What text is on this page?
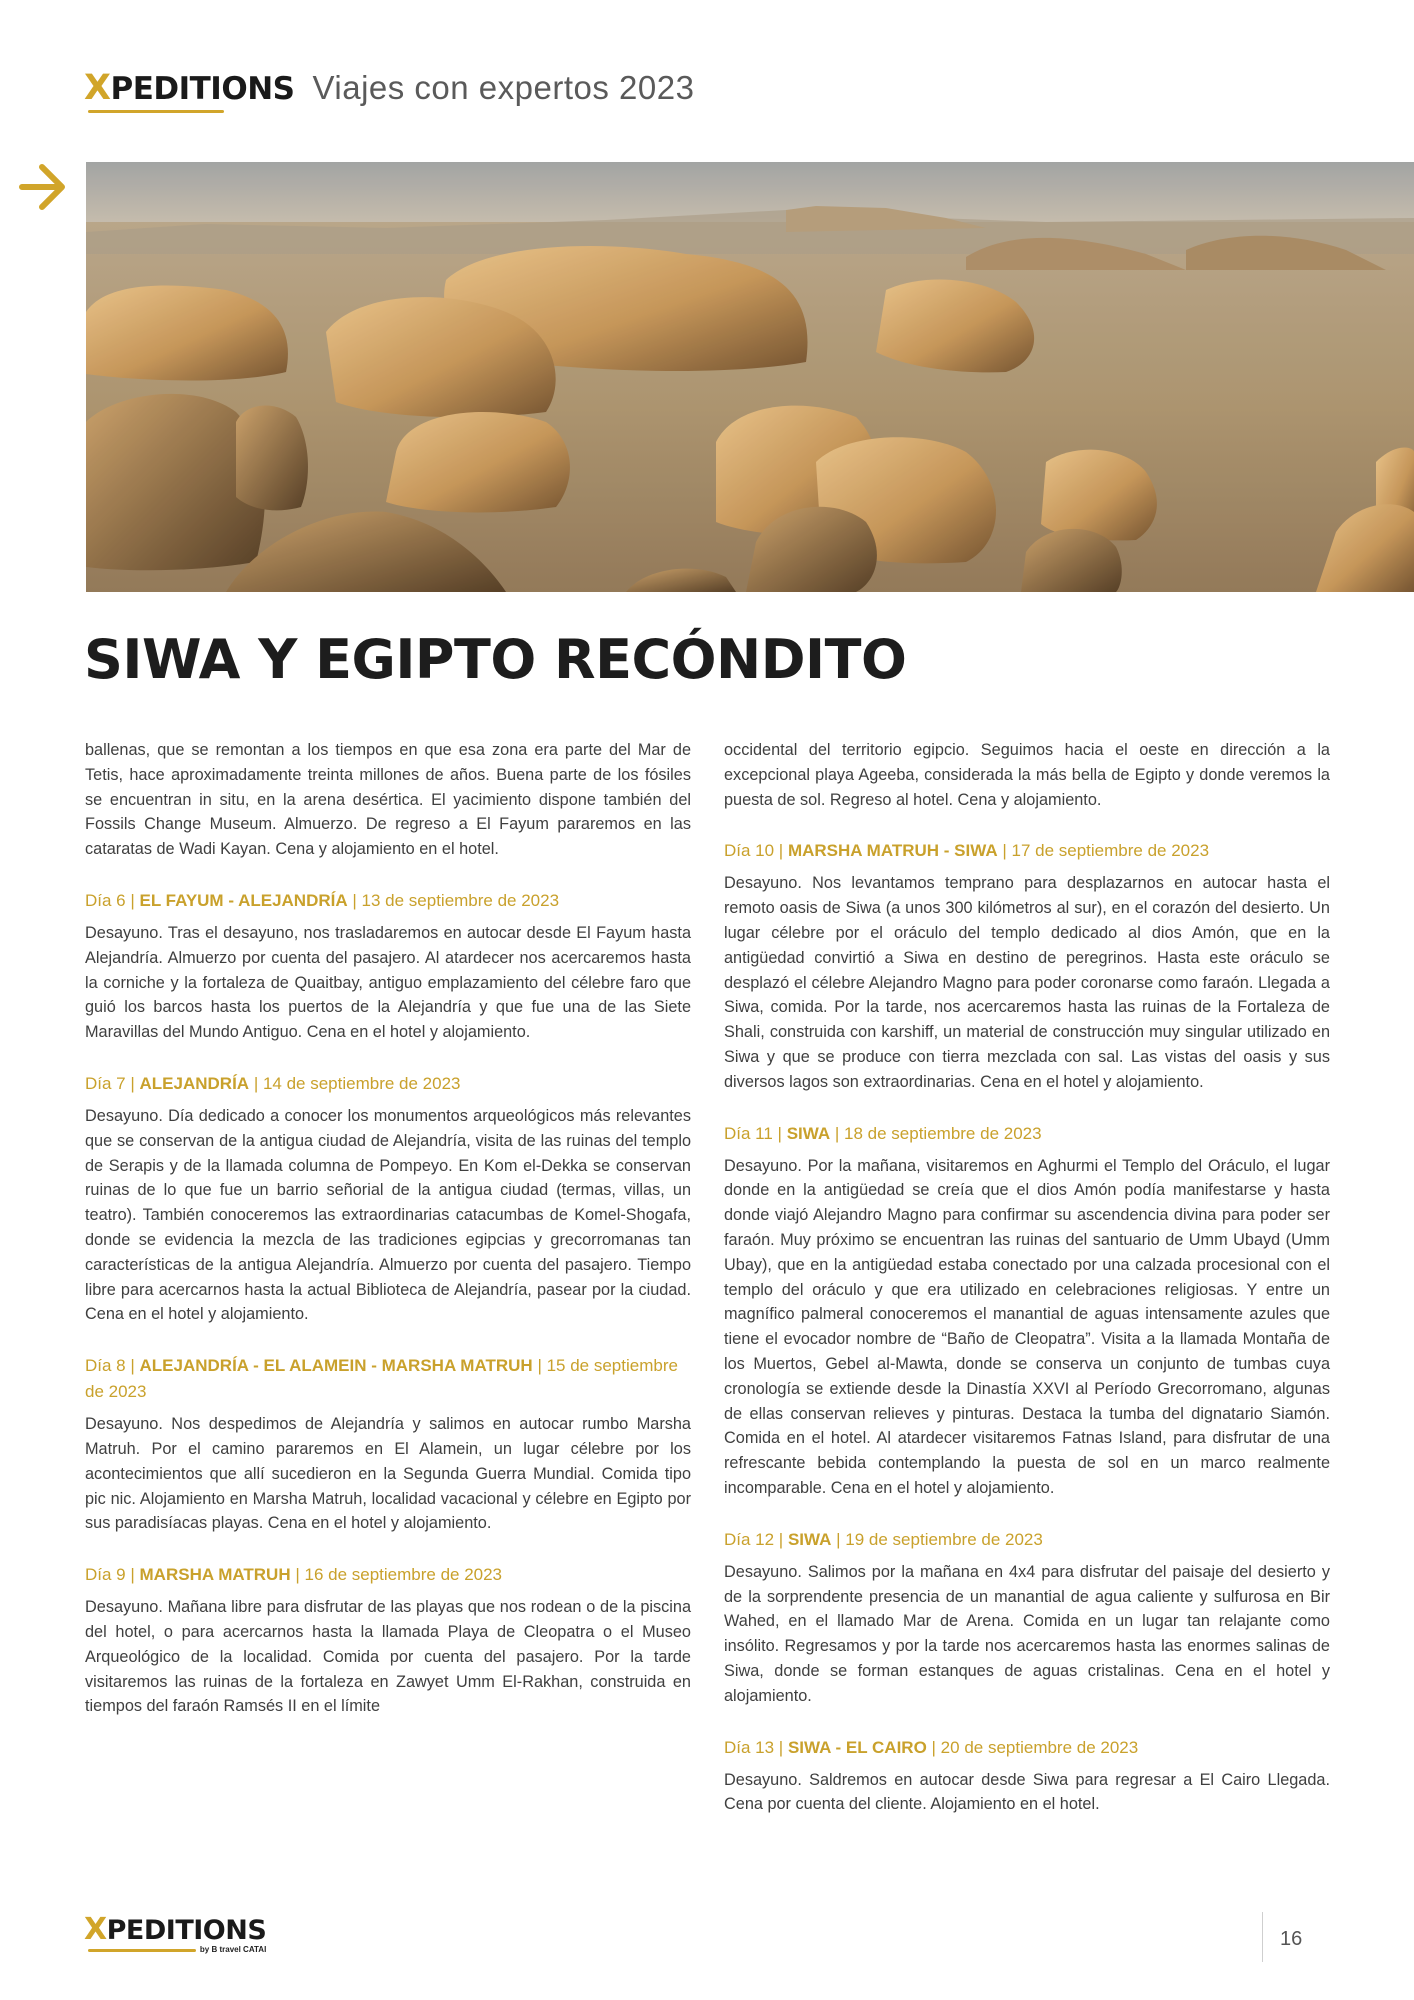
XPEDITIONS Viajes con expertos 2023
SIWA Y EGIPTO RECÓNDITO

ballenas, que se remontan a los tiempos en que esa zona era parte del Mar de Tetis, hace aproximadamente treinta millones de años. Buena parte de los fósiles se encuentran in situ, en la arena desértica. El yacimiento dispone también del Fossils Change Museum. Almuerzo. De regreso a El Fayum pararemos en las cataratas de Wadi Kayan. Cena y alojamiento en el hotel.

Día 6 | EL FAYUM - ALEJANDRÍA | 13 de septiembre de 2023

Desayuno. Tras el desayuno, nos trasladaremos en autocar desde El Fayum hasta Alejandría. Almuerzo por cuenta del pasajero. Al atardecer nos acercaremos hasta la corniche y la fortaleza de Quaitbay, antiguo emplazamiento del célebre faro que guió los barcos hasta los puertos de la Alejandría y que fue una de las Siete Maravillas del Mundo Antiguo. Cena en el hotel y alojamiento.

Día 7 | ALEJANDRÍA | 14 de septiembre de 2023

Desayuno. Día dedicado a conocer los monumentos arqueológicos más relevantes que se conservan de la antigua ciudad de Alejandría, visita de las ruinas del templo de Serapis y de la llamada columna de Pompeyo. En Kom el-Dekka se conservan ruinas de lo que fue un barrio señorial de la antigua ciudad (termas, villas, un teatro). También conoceremos las extraordinarias catacumbas de Komel-Shogafa, donde se evidencia la mezcla de las tradiciones egipcias y grecorromanas tan características de la antigua Alejandría. Almuerzo por cuenta del pasajero. Tiempo libre para acercarnos hasta la actual Biblioteca de Alejandría, pasear por la ciudad. Cena en el hotel y alojamiento.

Día 8 | ALEJANDRÍA - EL ALAMEIN - MARSHA MATRUH | 15 de septiembre de 2023

Desayuno. Nos despedimos de Alejandría y salimos en autocar rumbo Marsha Matruh. Por el camino pararemos en El Alamein, un lugar célebre por los acontecimientos que allí sucedieron en la Segunda Guerra Mundial. Comida tipo pic nic. Alojamiento en Marsha Matruh, localidad vacacional y célebre en Egipto por sus paradisíacas playas. Cena en el hotel y alojamiento.

Día 9 | MARSHA MATRUH | 16 de septiembre de 2023

Desayuno. Mañana libre para disfrutar de las playas que nos rodean o de la piscina del hotel, o para acercarnos hasta la llamada Playa de Cleopatra o el Museo Arqueológico de la localidad. Comida por cuenta del pasajero. Por la tarde visitaremos las ruinas de la fortaleza en Zawyet Umm El-Rakhan, construida en tiempos del faraón Ramsés II en el límite

occidental del territorio egipcio. Seguimos hacia el oeste en dirección a la excepcional playa Ageeba, considerada la más bella de Egipto y donde veremos la puesta de sol. Regreso al hotel. Cena y alojamiento.

Día 10 | MARSHA MATRUH - SIWA | 17 de septiembre de 2023

Desayuno. Nos levantamos temprano para desplazarnos en autocar hasta el remoto oasis de Siwa (a unos 300 kilómetros al sur), en el corazón del desierto. Un lugar célebre por el oráculo del templo dedicado al dios Amón, que en la antigüedad convirtió a Siwa en destino de peregrinos. Hasta este oráculo se desplazó el célebre Alejandro Magno para poder coronarse como faraón. Llegada a Siwa, comida. Por la tarde, nos acercaremos hasta las ruinas de la Fortaleza de Shali, construida con karshiff, un material de construcción muy singular utilizado en Siwa y que se produce con tierra mezclada con sal. Las vistas del oasis y sus diversos lagos son extraordinarias. Cena en el hotel y alojamiento.

Día 11 | SIWA | 18 de septiembre de 2023

Desayuno. Por la mañana, visitaremos en Aghurmi el Templo del Oráculo, el lugar donde en la antigüedad se creía que el dios Amón podía manifestarse y hasta donde viajó Alejandro Magno para confirmar su ascendencia divina para poder ser faraón. Muy próximo se encuentran las ruinas del santuario de Umm Ubayd (Umm Ubay), que en la antigüedad estaba conectado por una calzada procesional con el templo del oráculo y que era utilizado en celebraciones religiosas. Y entre un magnífico palmeral conoceremos el manantial de aguas intensamente azules que tiene el evocador nombre de “Baño de Cleopatra”. Visita a la llamada Montaña de los Muertos, Gebel al-Mawta, donde se conserva un conjunto de tumbas cuya cronología se extiende desde la Dinastía XXVI al Período Grecorromano, algunas de ellas conservan relieves y pinturas. Destaca la tumba del dignatario Siamón. Comida en el hotel. Al atardecer visitaremos Fatnas Island, para disfrutar de una refrescante bebida contemplando la puesta de sol en un marco realmente incomparable. Cena en el hotel y alojamiento.

Día 12 | SIWA | 19 de septiembre de 2023

Desayuno. Salimos por la mañana en 4x4 para disfrutar del paisaje del desierto y de la sorprendente presencia de un manantial de agua caliente y sulfurosa en Bir Wahed, en el llamado Mar de Arena. Comida en un lugar tan relajante como insólito. Regresamos y por la tarde nos acercaremos hasta las enormes salinas de Siwa, donde se forman estanques de aguas cristalinas. Cena en el hotel y alojamiento.

Día 13 | SIWA - EL CAIRO | 20 de septiembre de 2023

Desayuno. Saldremos en autocar desde Siwa para regresar a El Cairo Llegada. Cena por cuenta del cliente. Alojamiento en el hotel.

XPEDITIONS
by B travel CATAI	16
